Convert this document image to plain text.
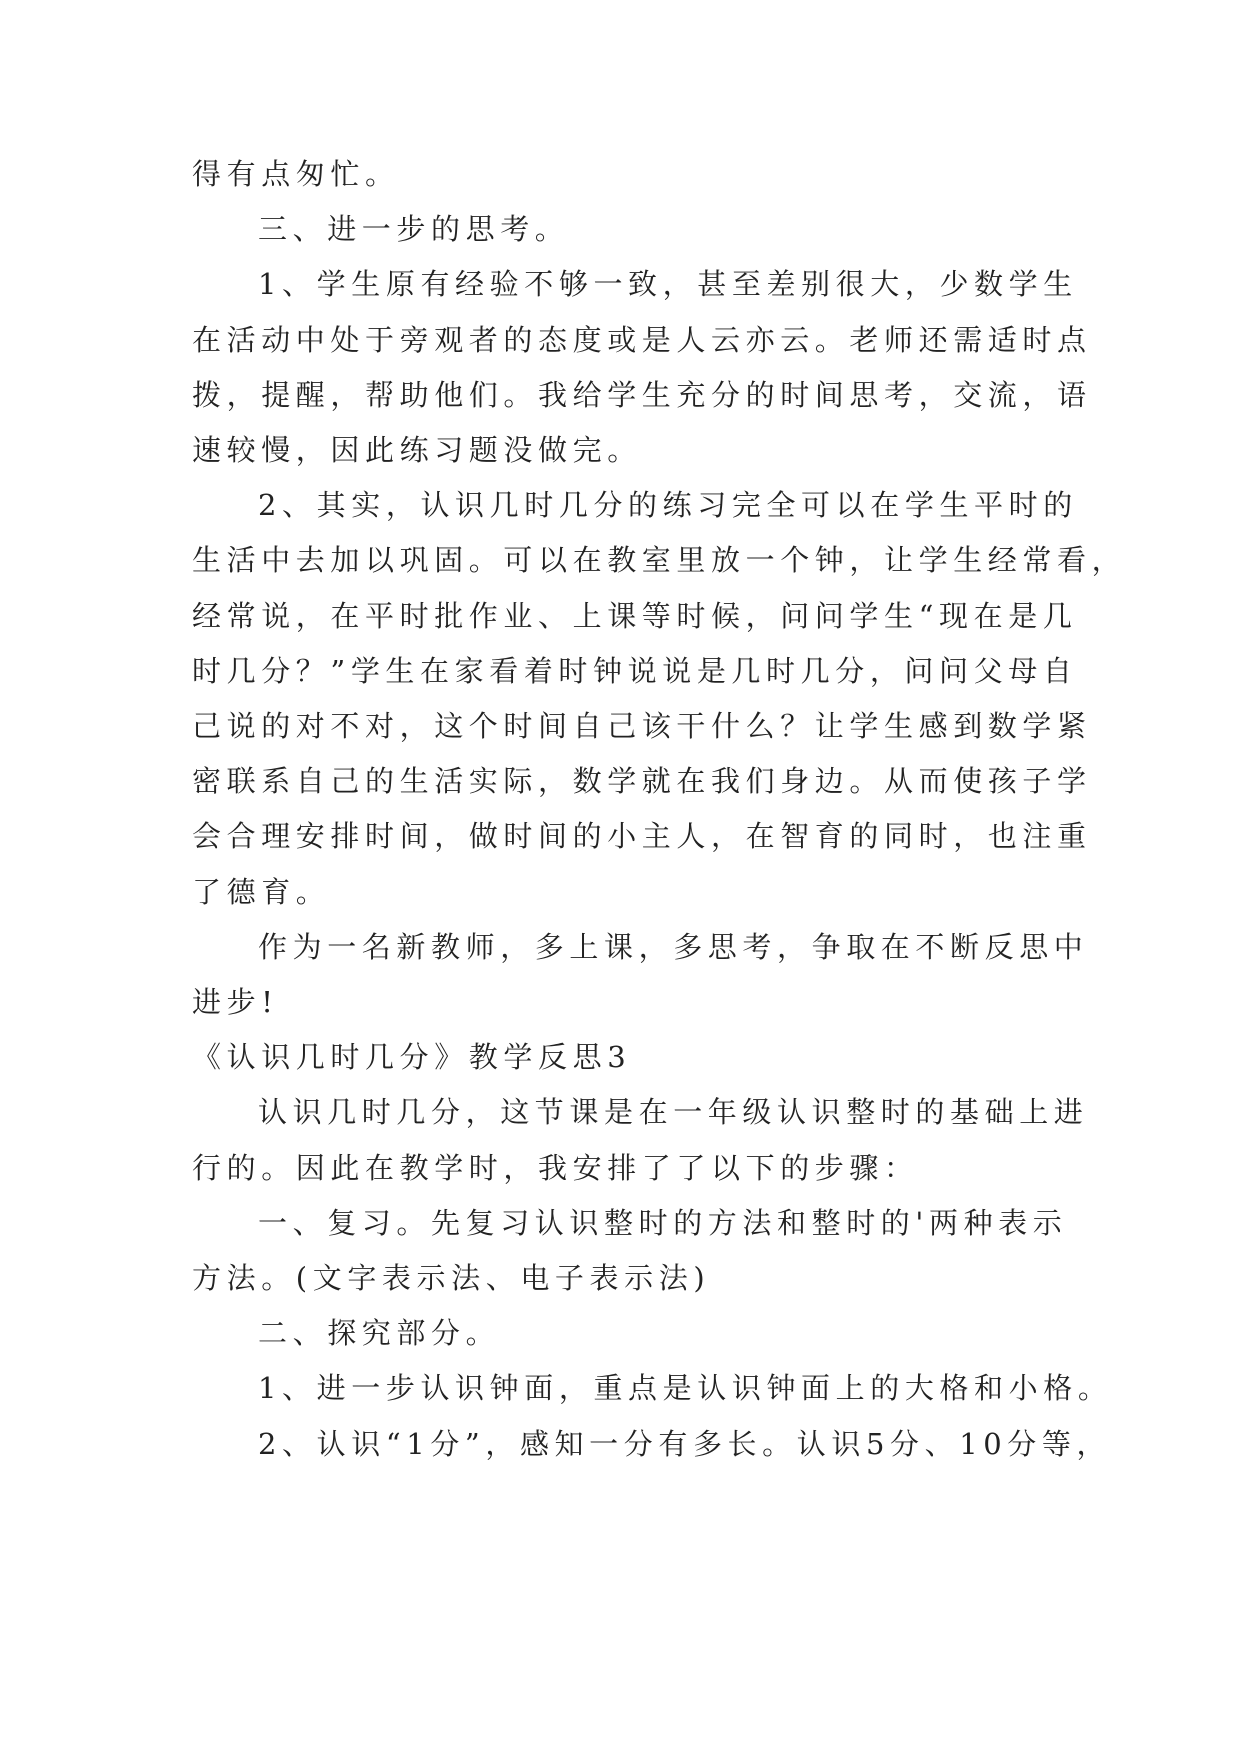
得有点匆忙。
三、进一步的思考。
1、学生原有经验不够一致，甚至差别很大，少数学生
在活动中处于旁观者的态度或是人云亦云。老师还需适时点
拨，提醒，帮助他们。我给学生充分的时间思考，交流，语
速较慢，因此练习题没做完。
2、其实，认识几时几分的练习完全可以在学生平时的
生活中去加以巩固。可以在教室里放一个钟，让学生经常看，
经常说，在平时批作业、上课等时候，问问学生“现在是几
时几分？”学生在家看着时钟说说是几时几分，问问父母自
己说的对不对，这个时间自己该干什么？让学生感到数学紧
密联系自己的生活实际，数学就在我们身边。从而使孩子学
会合理安排时间，做时间的小主人，在智育的同时，也注重
了德育。
作为一名新教师，多上课，多思考，争取在不断反思中
进步!
《认识几时几分》教学反思3
认识几时几分，这节课是在一年级认识整时的基础上进
行的。因此在教学时，我安排了了以下的步骤：
一、复习。先复习认识整时的方法和整时的'两种表示
方法。(文字表示法、电子表示法)
二、探究部分。
1、进一步认识钟面，重点是认识钟面上的大格和小格。
2、认识“1分”，感知一分有多长。认识5分、10分等，
